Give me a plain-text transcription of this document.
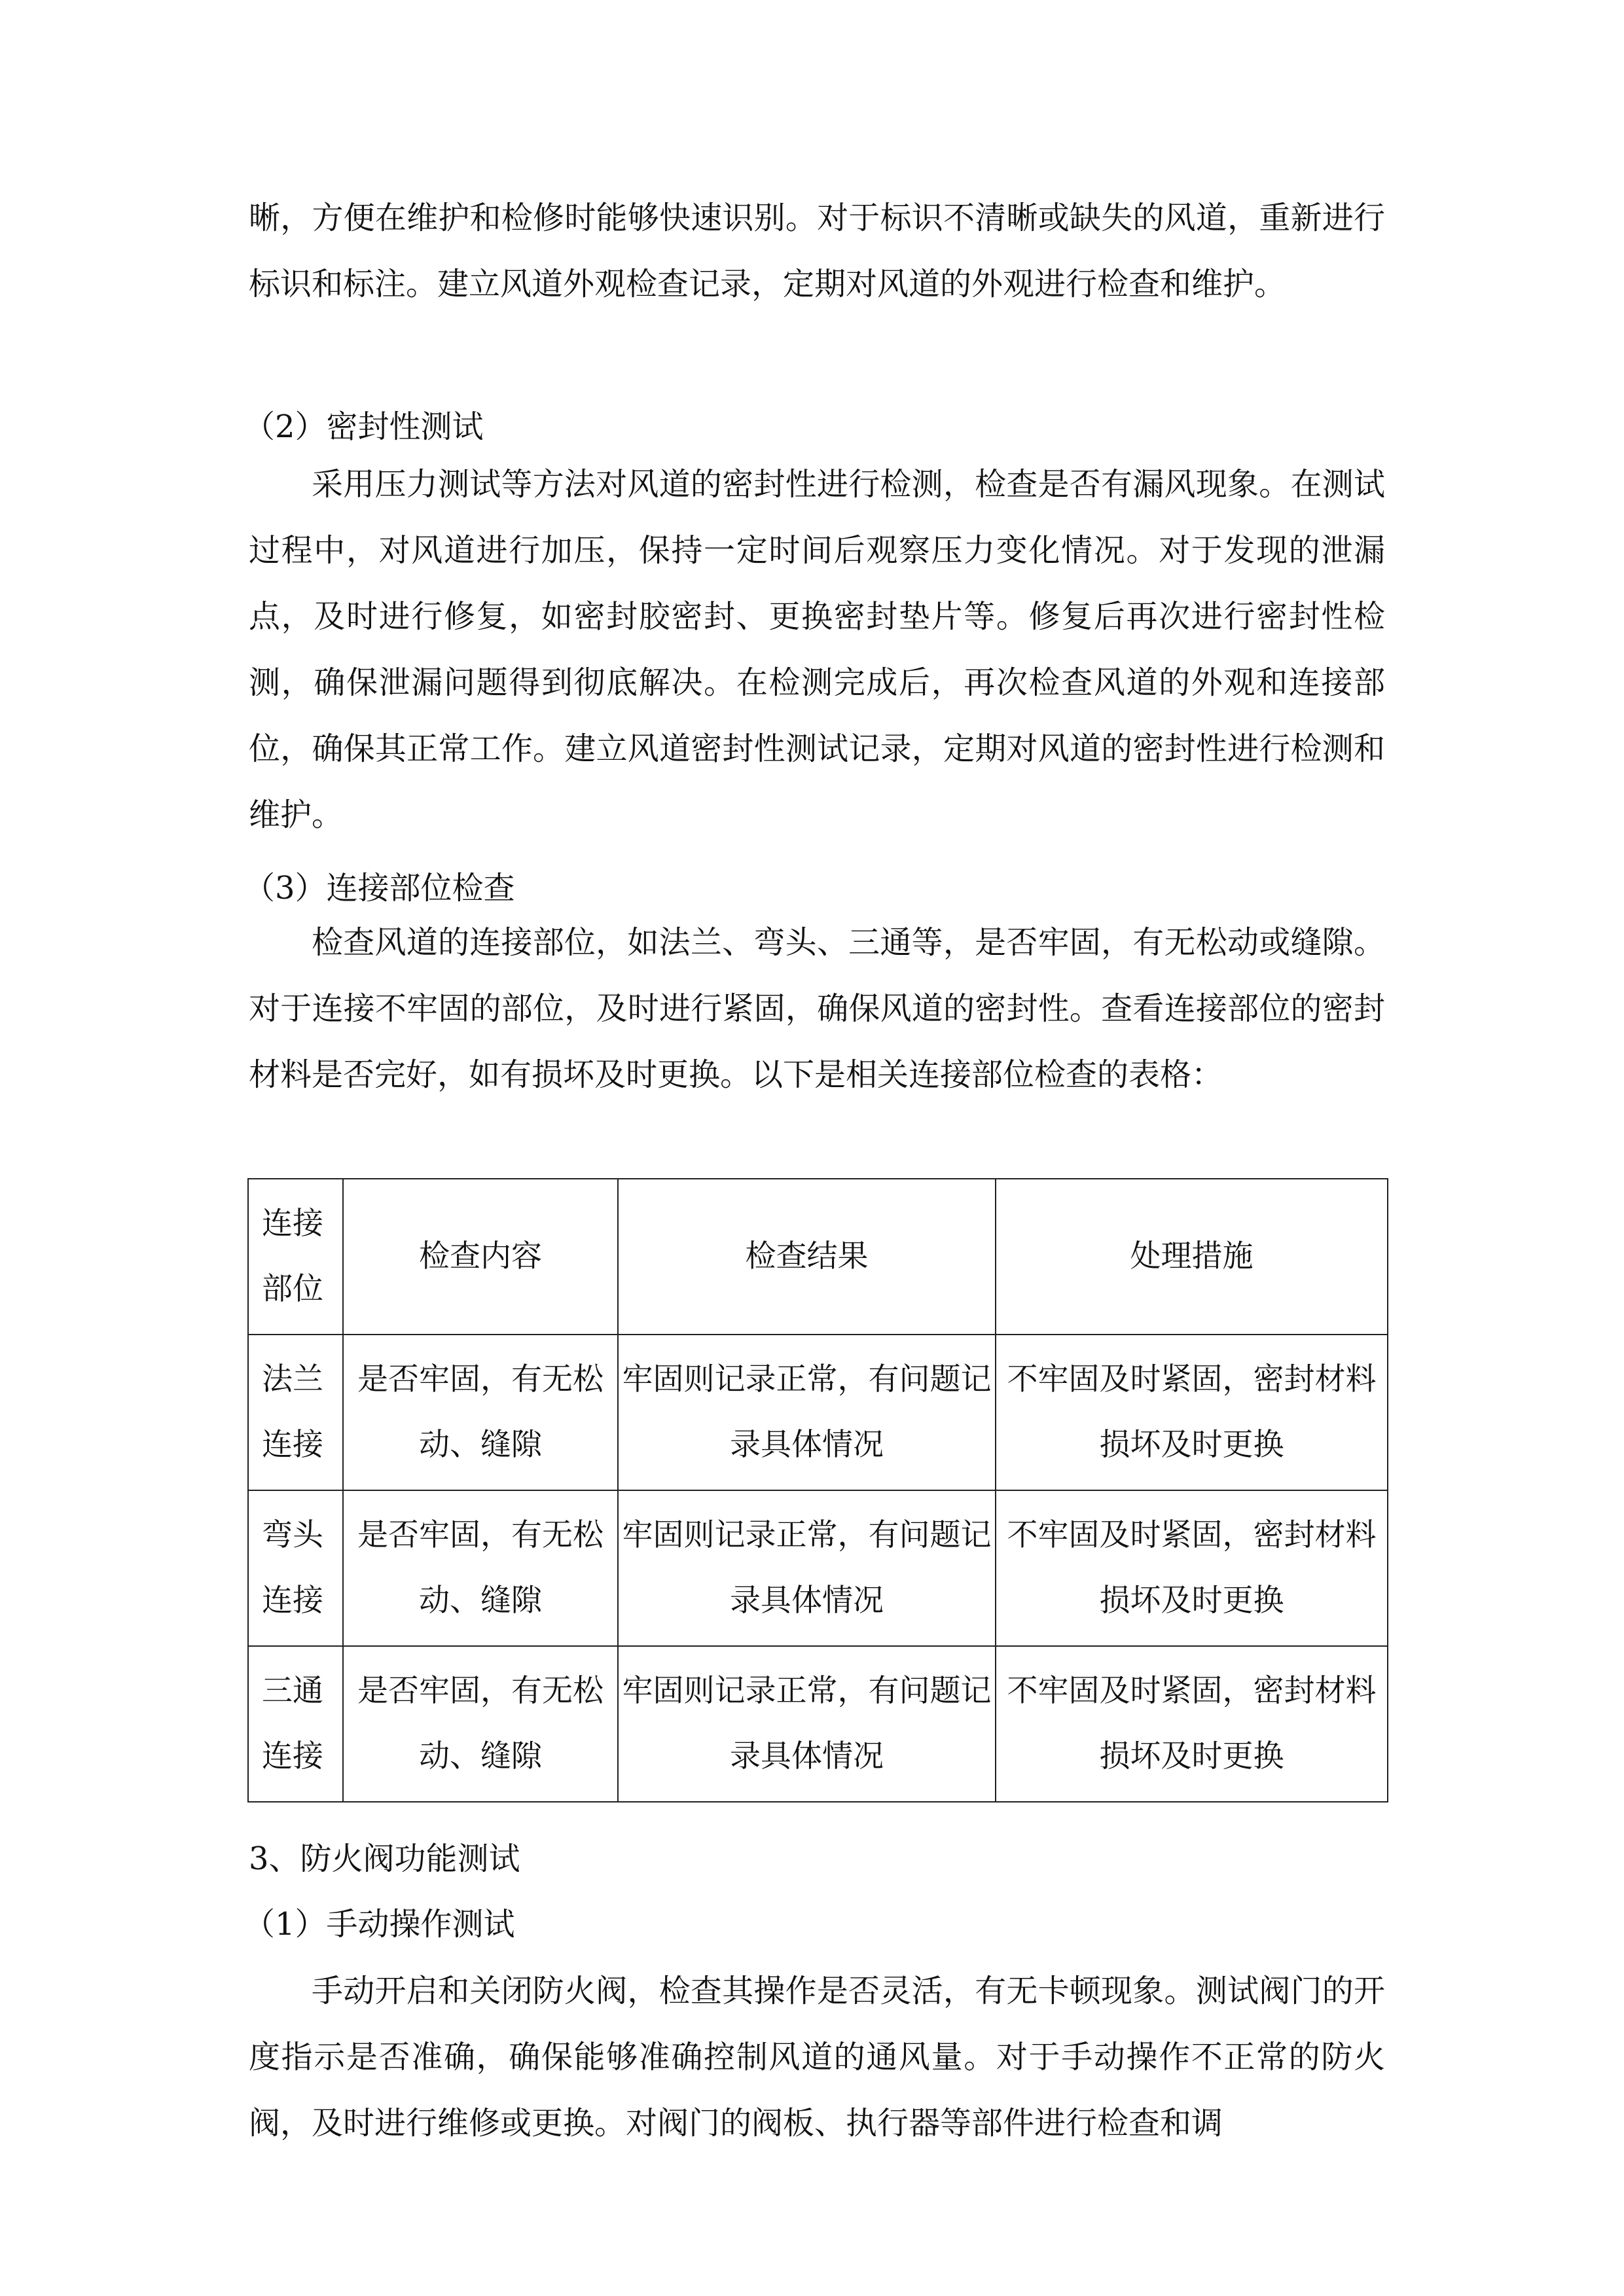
晰，方便在维护和检修时能够快速识别。对于标识不清晰或缺失的风道，重新进行标识和标注。建立风道外观检查记录，定期对风道的外观进行检查和维护。
（2）密封性测试
采用压力测试等方法对风道的密封性进行检测，检查是否有漏风现象。在测试过程中，对风道进行加压，保持一定时间后观察压力变化情况。对于发现的泄漏点，及时进行修复，如密封胶密封、更换密封垫片等。修复后再次进行密封性检测，确保泄漏问题得到彻底解决。在检测完成后，再次检查风道的外观和连接部位，确保其正常工作。建立风道密封性测试记录，定期对风道的密封性进行检测和维护。
（3）连接部位检查
检查风道的连接部位，如法兰、弯头、三通等，是否牢固，有无松动或缝隙。对于连接不牢固的部位，及时进行紧固，确保风道的密封性。查看连接部位的密封材料是否完好，如有损坏及时更换。以下是相关连接部位检查的表格：
连接部位	检查内容	检查结果	处理措施
法兰连接	是否牢固，有无松动、缝隙	牢固则记录正常，有问题记录具体情况	不牢固及时紧固，密封材料损坏及时更换
弯头连接	是否牢固，有无松动、缝隙	牢固则记录正常，有问题记录具体情况	不牢固及时紧固，密封材料损坏及时更换
三通连接	是否牢固，有无松动、缝隙	牢固则记录正常，有问题记录具体情况	不牢固及时紧固，密封材料损坏及时更换
3、防火阀功能测试
（1）手动操作测试
手动开启和关闭防火阀，检查其操作是否灵活，有无卡顿现象。测试阀门的开度指示是否准确，确保能够准确控制风道的通风量。对于手动操作不正常的防火阀，及时进行维修或更换。对阀门的阀板、执行器等部件进行检查和调
